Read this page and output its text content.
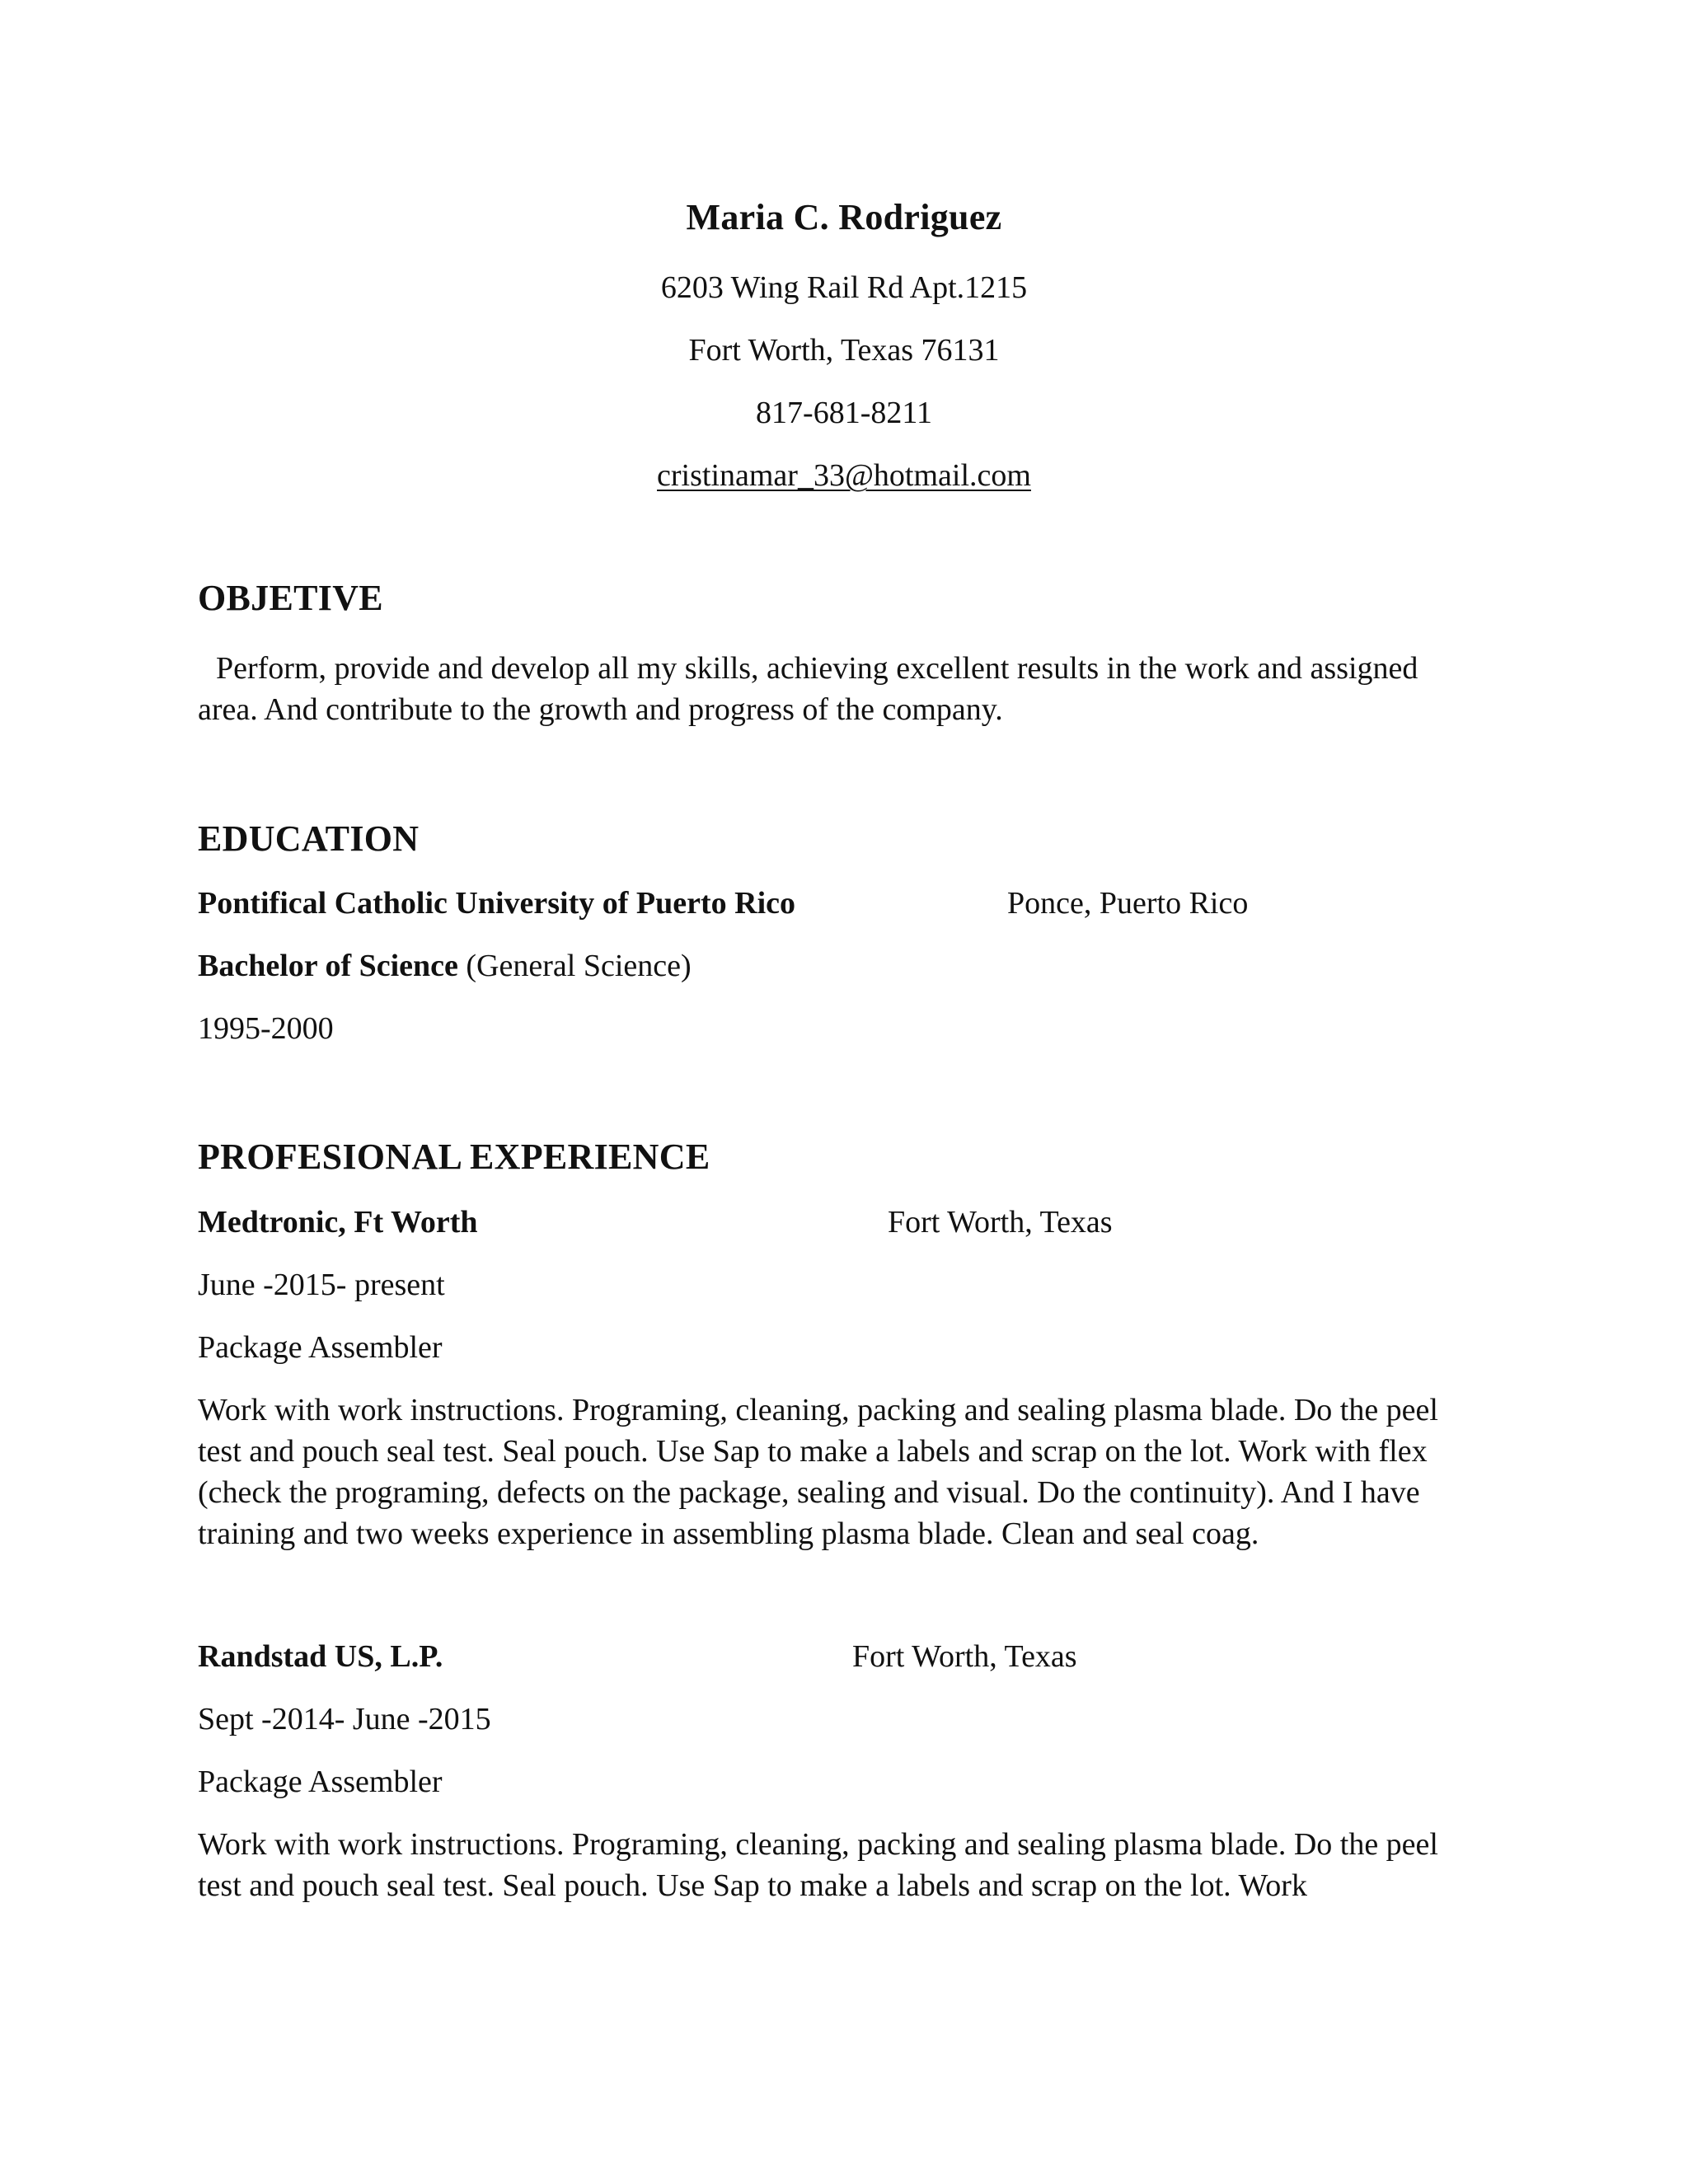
Maria C. Rodriguez
6203 Wing Rail Rd Apt.1215
Fort Worth, Texas 76131
817-681-8211
cristinamar_33@hotmail.com
OBJETIVE
Perform, provide and develop all my skills, achieving excellent results in the work and assigned area. And contribute to the growth and progress of the company.
EDUCATION
Pontifical Catholic University of Puerto Rico	Ponce, Puerto Rico
Bachelor of Science (General Science)
1995-2000
PROFESIONAL EXPERIENCE
Medtronic, Ft Worth	Fort Worth, Texas
June -2015- present
Package Assembler
Work with work instructions. Programing, cleaning, packing and sealing plasma blade. Do the peel test and pouch seal test. Seal pouch. Use Sap to make a labels and scrap on the lot. Work with flex (check the programing, defects on the package, sealing and visual. Do the continuity). And I have training and two weeks experience in assembling plasma blade. Clean and seal coag.
Randstad US, L.P.	Fort Worth, Texas
Sept -2014- June -2015
Package Assembler
Work with work instructions. Programing, cleaning, packing and sealing plasma blade. Do the peel test and pouch seal test. Seal pouch. Use Sap to make a labels and scrap on the lot. Work
